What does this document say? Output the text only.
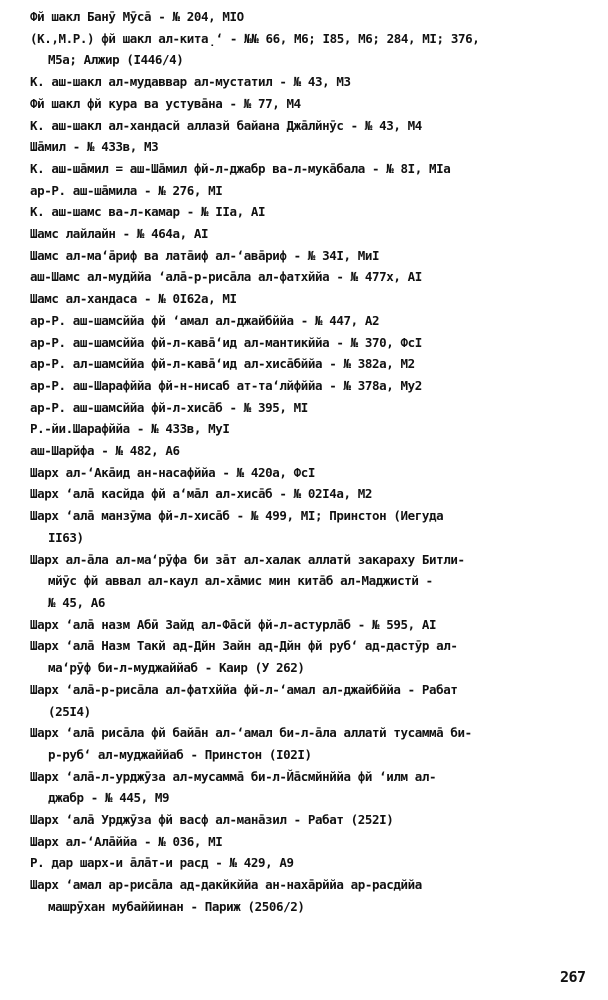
Фй шакл Банӯ Мӯса̄ - № 204, МІО
(К.,М.Р.) фй шакл ал-кита̣‘ - №№ 66, М6; І85, М6; 284, МІ; 376,

М5а; Алжир (І446/4)
К. аш-шакл ал-мудаввар ал-мустатил - № 43, МЗ
Фй шакл фй кура ва устува̄на - № 77, М4
К. аш-шакл ал-хандасй аллазй байана Джа̄лйнӯс - № 43, М4
Ша̄мил - № 433в, МЗ
К. аш-ша̄мил = аш-Ша̄мил фй-л-джабр ва-л-мука̄бала - № 8І, МІа
ар-Р. аш-ша̄мила - № 276, МІ
К. аш-шамс ва-л-камар - № ІІа, АІ
Шамс лайлайн - № 464а, АІ
Шамс ал-ма‘а̄риф ва лата̄иф ал-‘ава̄риф - № 34І, МиІ
аш-Шамс ал-мудййа ‘ала̄-р-риса̄ла ал-фатхййа - № 477х, АІ
Шамс ал-хандаса - № 0І62а, МІ
ар-Р. аш-шамсййа фй ‘амал ал-джайбййа - № 447, А2
ар-Р. аш-шамсййа фй-л-кава̄‘ид ал-мантикййа - № 370, ФсІ
ар-Р. ал-шамсййа фй-л-кава̄‘ид ал-хиса̄бййа - № 382а, М2
ар-Р. аш-Шарафййа фй-н-нисаб ат-та‘лйфййа - № 378а, Му2
ар-Р. аш-шамсййа фй-л-хиса̄б - № 395, МІ
Р.-йи.Шарафййа - № 433в, МуІ
аш-Шарйфа - № 482, А6
Шарх ал-‘Ака̄ид ан-насафййа - № 420а, ФсІ
Шарх ‘ала̄ касйда фй а‘ма̄л ал-хиса̄б - № 02І4а, М2
Шарх ‘ала̄ манзӯма фй-л-хиса̄б - № 499, МІ; Принстон (Иегуда

ІІ63)
Шарх ал-а̄ла ал-ма‘рӯфа би за̄т ал-халак аллатй закараху Битли-

мйӯс фй аввал ал-каул ал-ха̄мис мин кита̄б ал-Маджистй -
№ 45, А6
Шарх ‘ала̄ назм Абӣ Зайд ал-Фа̄сй фй-л-астурла̄б - № 595, АІ
Шарх ‘ала̄ Назм Такй ад-Дйн Зайн ад-Дйн фй руб‘ ад-дастӯр ал-

ма‘рӯф би-л-муджаййаб - Каир (У 262)
Шарх ‘ала̄-р-риса̄ла ал-фатхййа фй-л-‘амал ал-джайбййа - Рабат

(25І4)
Шарх ‘ала̄ риса̄ла фй байа̄н ал-‘амал би-л-а̄ла аллатй тусамма̄ би-

р-руб‘ ал-муджаййаб - Принстон (І02І)
Шарх ‘ала̄-л-урджӯза ал-мусамма̄ би-л-Йа̄смйнййа фй ‘илм ал-

джабр - № 445, М9
Шарх ‘ала̄ Урджӯза фй васф ал-мана̄зил - Рабат (252І)
Шарх ал-‘Ала̄ййа - № 036, МІ
Р. дар шарх-и а̄ла̄т-и расд - № 429, А9
Шарх ‘амал ар-риса̄ла ад-дакйкййа ан-наха̄рййа ар-расдййа

машрӯхан мубаййинан - Париж (2506/2)
267
